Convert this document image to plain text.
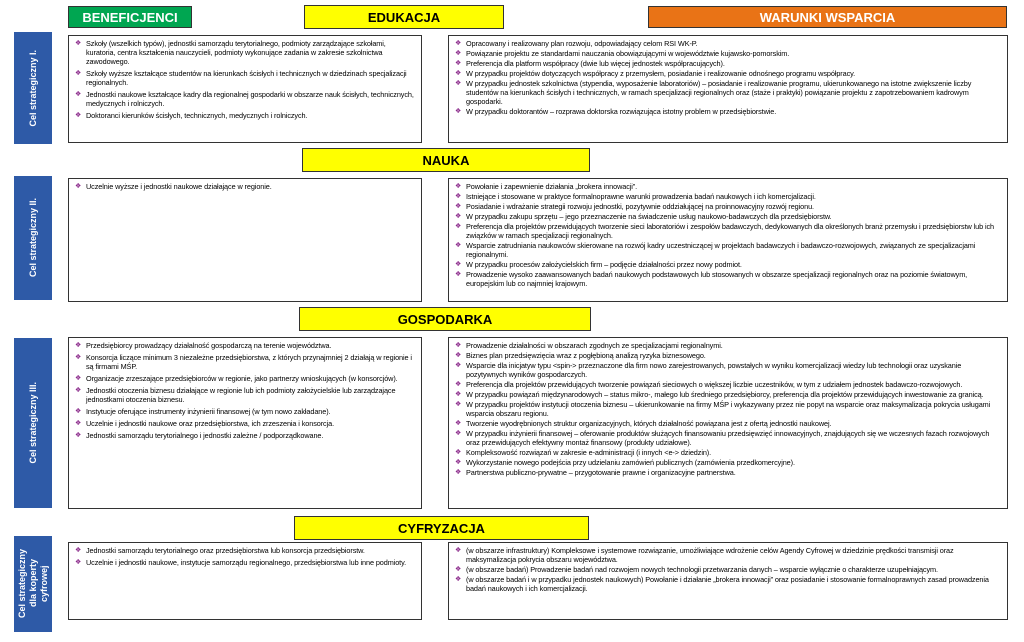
BENEFICJENCI	WARUNKI WSPARCIA
EDUKACJA
NAUKA
GOSPODARKA
CYFRYZACJA
Cel strategiczny I.
Cel strategiczny II.
Cel strategiczny III.
Cel strategiczny
dla koperty
cyfrowej
❖ Szkoły (wszelkich typów), jednostki samorządu terytorialnego, podmioty zarządzające szkołami, kuratoria, centra kształcenia nauczycieli, podmioty wykonujące zadania w zakresie szkolnictwa zawodowego.
❖ Szkoły wyższe kształcące studentów na kierunkach ścisłych i technicznych w dziedzinach specjalizacji regionalnych.
❖ Jednostki naukowe kształcące kadry dla regionalnej gospodarki w obszarze nauk ścisłych, technicznych, medycznych i rolniczych.
❖ Doktoranci kierunków ścisłych, technicznych, medycznych i rolniczych.
❖ Opracowany i realizowany plan rozwoju, odpowiadający celom RSI WK-P.
❖ Powiązanie projektu ze standardami nauczania obowiązującymi w województwie kujawsko-pomorskim.
❖ Preferencja dla platform współpracy (dwie lub więcej jednostek współpracujących).
❖ W przypadku projektów dotyczących współpracy z przemysłem, posiadanie i realizowanie odnośnego programu współpracy.
❖ W przypadku jednostek szkolnictwa (stypendia, wyposażenie laboratoriów) – posiadanie i realizowanie programu, ukierunkowanego na istotne zwiększenie liczby studentów na kierunkach ścisłych i technicznych, w ramach specjalizacji regionalnych oraz (staże i praktyki) powiązanie projektu z zapotrzebowaniem kadrowym gospodarki.
❖ W przypadku doktorantów – rozprawa doktorska rozwiązująca istotny problem w przedsiębiorstwie.
❖ Uczelnie wyższe i jednostki naukowe działające w regionie.	❖ Powołanie i zapewnienie działania „brokera innowacji”.
❖ Istniejące i stosowane w praktyce formalnoprawne warunki prowadzenia badań naukowych i ich komercjalizacji.
❖ Posiadanie i wdrażanie strategii rozwoju jednostki, pozytywnie oddziałującej na proinnowacyjny rozwój regionu.
❖ W przypadku zakupu sprzętu – jego przeznaczenie na świadczenie usług naukowo-badawczych dla przedsiębiorstw.
❖ Preferencja dla projektów przewidujących tworzenie sieci laboratoriów i zespołów badawczych, dedykowanych dla określonych branż przemysłu i przedsiębiorstw lub ich związków w ramach specjalizacji regionalnych.
❖ Wsparcie zatrudniania naukowców skierowane na rozwój kadry uczestniczącej w projektach badawczych i badawczo-rozwojowych, związanych ze specjalizacjami regionalnymi.
❖ W przypadku procesów założycielskich firm – podjęcie działalności przez nowy podmiot.
❖ Prowadzenie wysoko zaawansowanych badań naukowych podstawowych lub stosowanych w obszarze specjalizacji regionalnych oraz na poziomie światowym, europejskim lub co najmniej krajowym.
❖ Przedsiębiorcy prowadzący działalność gospodarczą na terenie województwa.
❖ Konsorcja liczące minimum 3 niezależne przedsiębiorstwa, z których przynajmniej 2 działają w regionie i są firmami MŚP.
❖ Organizacje zrzeszające przedsiębiorców w regionie, jako partnerzy wnioskujących (w konsorcjów).
❖ Jednostki otoczenia biznesu działające w regionie lub ich podmioty założycielskie lub zarządzające jednostkami otoczenia biznesu.
❖ Instytucje oferujące instrumenty inżynierii finansowej (w tym nowo zakładane).
❖ Uczelnie i jednostki naukowe oraz przedsiębiorstwa, ich zrzeszenia i konsorcja.
❖ Jednostki samorządu terytorialnego i jednostki zależne / podporządkowane.
❖ Prowadzenie działalności w obszarach zgodnych ze specjalizacjami regionalnymi.
❖ Biznes plan przedsięwzięcia wraz z pogłębioną analizą ryzyka biznesowego.
❖ Wsparcie dla inicjatyw typu <spin-> przeznaczone dla firm nowo zarejestrowanych, powstałych w wyniku komercjalizacji wiedzy lub technologii oraz uzyskanie pozytywnych wyników gospodarczych.
❖ Preferencja dla projektów przewidujących tworzenie powiązań sieciowych o większej liczbie uczestników, w tym z udziałem jednostek badawczo-rozwojowych.
❖ W przypadku powiązań międzynarodowych – status mikro-, małego lub średniego przedsiębiorcy, preferencja dla projektów przewidujących inwestowanie za granicą.
❖ W przypadku projektów instytucji otoczenia biznesu – ukierunkowanie na firmy MŚP i wykazywany przez nie popyt na wsparcie oraz maksymalizacja pokrycia usługami wsparcia obszaru regionu.
❖ Tworzenie wyodrębnionych struktur organizacyjnych, których działalność powiązana jest z ofertą jednostki naukowej.
❖ W przypadku inżynierii finansowej – oferowanie produktów służących finansowaniu przedsięwzięć innowacyjnych, znajdujących się we wczesnych fazach rozwojowych oraz przewidujących efektywny montaż finansowy (produkty udziałowe).
❖ Kompleksowość rozwiązań w zakresie e-administracji (i innych <e-> dziedzin).
❖ Wykorzystanie nowego podejścia przy udzielaniu zamówień publicznych (zamówienia przedkomercyjne).
❖ Partnerstwa publiczno-prywatne – przygotowanie prawne i organizacyjne partnerstwa.
❖ Jednostki samorządu terytorialnego oraz przedsiębiorstwa lub konsorcja przedsiębiorstw.
❖ Uczelnie i jednostki naukowe, instytucje samorządu regionalnego, przedsiębiorstwa lub inne podmioty.
❖ (w obszarze infrastruktury) Kompleksowe i systemowe rozwiązanie, umożliwiające wdrożenie celów Agendy Cyfrowej w dziedzinie prędkości transmisji oraz maksymalizacja pokrycia obszaru województwa.
❖ (w obszarze badań) Prowadzenie badań nad rozwojem nowych technologii przetwarzania danych – wsparcie wyłącznie o charakterze uzupełniającym.
❖ (w obszarze badań i w przypadku jednostek naukowych) Powołanie i działanie „brokera innowacji” oraz posiadanie i stosowanie formalnoprawnych zasad prowadzenia badań naukowych i ich komercjalizacji.
